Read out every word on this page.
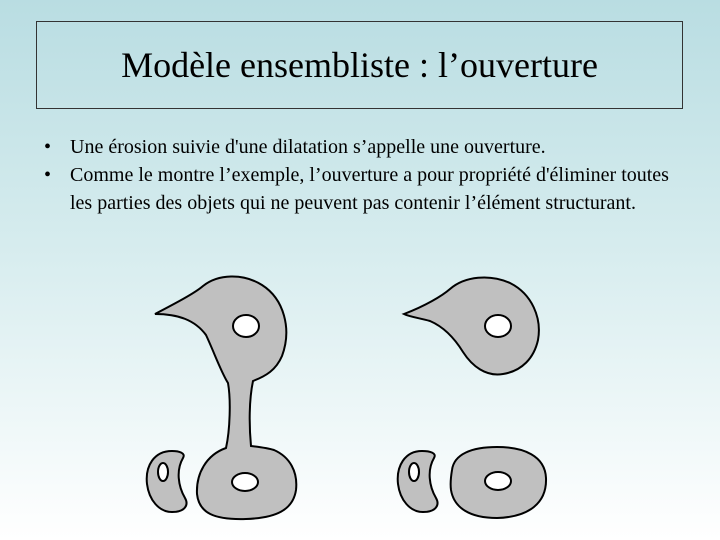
Modèle ensembliste : l’ouverture
• Une érosion suivie d'une dilatation s’appelle une ouverture.
• Comme le montre l’exemple, l’ouverture a pour propriété d'éliminer toutes les parties des objets qui ne peuvent pas contenir l’élément structurant.
